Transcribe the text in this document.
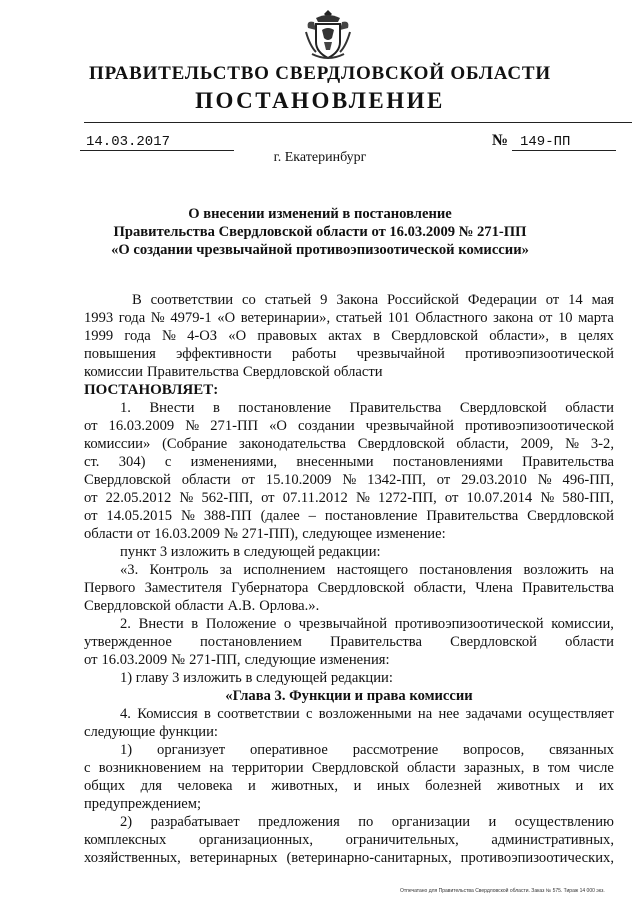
ПРАВИТЕЛЬСТВО СВЕРДЛОВСКОЙ ОБЛАСТИ
ПОСТАНОВЛЕНИЕ
14.03.2017	№ 149-ПП
г. Екатеринбург
О внесении изменений в постановление
Правительства Свердловской области от 16.03.2009 № 271-ПП
«О создании чрезвычайной противоэпизоотической комиссии»
В соответствии со статьей 9 Закона Российской Федерации от 14 мая
1993 года № 4979-1 «О ветеринарии», статьей 101 Областного закона от 10 марта
1999 года № 4-ОЗ «О правовых актах в Свердловской области», в целях
повышения эффективности работы чрезвычайной противоэпизоотической
комиссии Правительства Свердловской области
ПОСТАНОВЛЯЕТ:
1. Внести в постановление Правительства Свердловской области
от 16.03.2009 № 271-ПП «О создании чрезвычайной противоэпизоотической
комиссии» (Собрание законодательства Свердловской области, 2009, № 3-2,
ст. 304) с изменениями, внесенными постановлениями Правительства
Свердловской области от 15.10.2009 № 1342-ПП, от 29.03.2010 № 496-ПП,
от 22.05.2012 № 562-ПП, от 07.11.2012 № 1272-ПП, от 10.07.2014 № 580-ПП,
от 14.05.2015 № 388-ПП (далее – постановление Правительства Свердловской
области от 16.03.2009 № 271-ПП), следующее изменение:
пункт 3 изложить в следующей редакции:
«3. Контроль за исполнением настоящего постановления возложить на
Первого Заместителя Губернатора Свердловской области, Члена Правительства
Свердловской области А.В. Орлова.».
2. Внести в Положение о чрезвычайной противоэпизоотической комиссии,
утвержденное постановлением Правительства Свердловской области
от 16.03.2009 № 271-ПП, следующие изменения:
1) главу 3 изложить в следующей редакции:
«Глава 3. Функции и права комиссии
4. Комиссия в соответствии с возложенными на нее задачами осуществляет
следующие функции:
1) организует оперативное рассмотрение вопросов, связанных
с возникновением на территории Свердловской области заразных, в том числе
общих для человека и животных, и иных болезней животных и их
предупреждением;
2) разрабатывает предложения по организации и осуществлению
комплексных организационных, ограничительных, административных,
хозяйственных, ветеринарных (ветеринарно-санитарных, противоэпизоотических,
Отпечатано для Правительства Свердловской области. Заказ № 575. Тираж 14 000 экз.
